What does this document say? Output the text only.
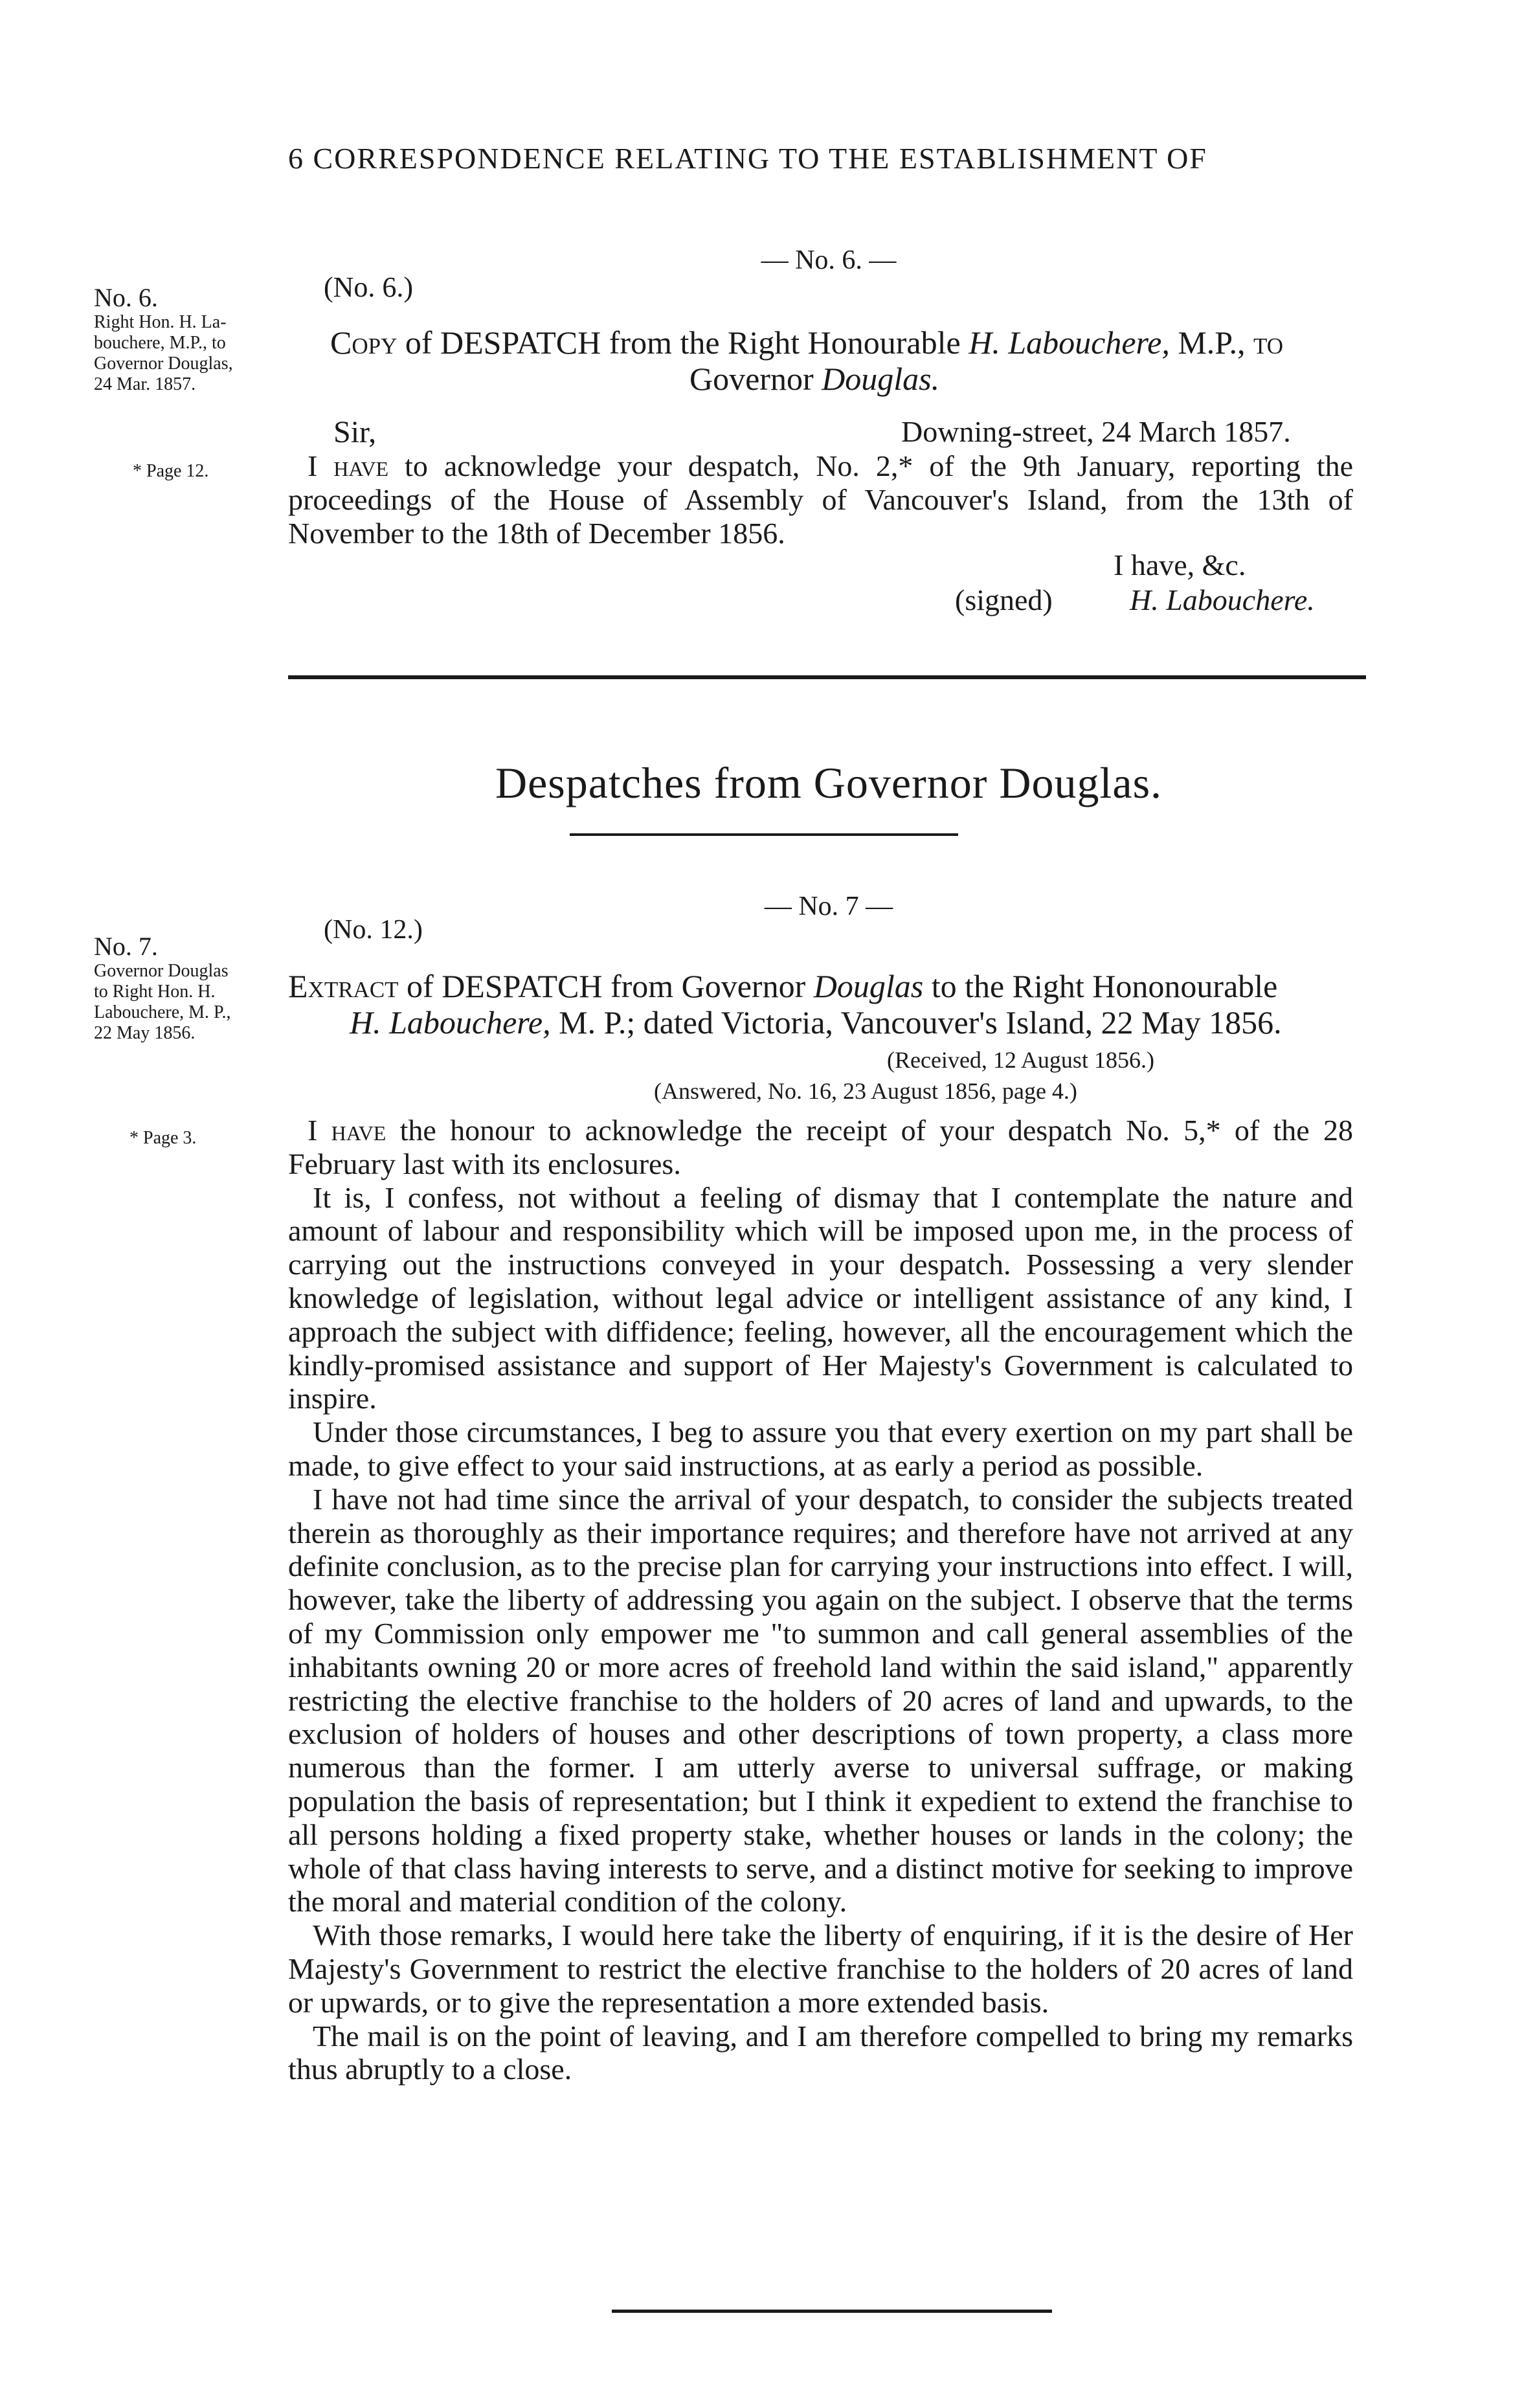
6 CORRESPONDENCE RELATING TO THE ESTABLISHMENT OF
— No. 6. —
(No. 6.)
No. 6.
Right Hon. H. La-
bouchere, M.P., to
Governor Douglas,
24 Mar. 1857.
* Page 12.
Copy of DESPATCH from the Right Honourable H. Labouchere, M.P., to
Governor Douglas.
Sir,	Downing-street, 24 March 1857.

I have to acknowledge your despatch, No. 2,* of the 9th January, reporting the proceedings of the House of Assembly of Vancouver's Island, from the 13th of November to the 18th of December 1856.

I have, &c.
(signed)	H. Labouchere.
Despatches from Governor Douglas.
— No. 7 —
(No. 12.)
No. 7.
Governor Douglas
to Right Hon. H.
Labouchere, M. P.,
22 May 1856.
* Page 3.
Extract of DESPATCH from Governor Douglas to the Right Hononourable
H. Labouchere, M. P.; dated Victoria, Vancouver's Island, 22 May 1856.
(Received, 12 August 1856.)
(Answered, No. 16, 23 August 1856, page 4.)

I have the honour to acknowledge the receipt of your despatch No. 5,* of the 28 February last with its enclosures.

It is, I confess, not without a feeling of dismay that I contemplate the nature and amount of labour and responsibility which will be imposed upon me, in the process of carrying out the instructions conveyed in your despatch. Possessing a very slender knowledge of legislation, without legal advice or intelligent assistance of any kind, I approach the subject with diffidence; feeling, however, all the encouragement which the kindly-promised assistance and support of Her Majesty's Government is calculated to inspire.

Under those circumstances, I beg to assure you that every exertion on my part shall be made, to give effect to your said instructions, at as early a period as possible.

I have not had time since the arrival of your despatch, to consider the subjects treated therein as thoroughly as their importance requires; and therefore have not arrived at any definite conclusion, as to the precise plan for carrying your instructions into effect. I will, however, take the liberty of addressing you again on the subject. I observe that the terms of my Commission only empower me "to summon and call general assemblies of the inhabitants owning 20 or more acres of freehold land within the said island," apparently restricting the elective franchise to the holders of 20 acres of land and upwards, to the exclusion of holders of houses and other descriptions of town property, a class more numerous than the former. I am utterly averse to universal suffrage, or making population the basis of representation; but I think it expedient to extend the franchise to all persons holding a fixed property stake, whether houses or lands in the colony; the whole of that class having interests to serve, and a distinct motive for seeking to improve the moral and material condition of the colony.

With those remarks, I would here take the liberty of enquiring, if it is the desire of Her Majesty's Government to restrict the elective franchise to the holders of 20 acres of land or upwards, or to give the representation a more extended basis.

The mail is on the point of leaving, and I am therefore compelled to bring my remarks thus abruptly to a close.
